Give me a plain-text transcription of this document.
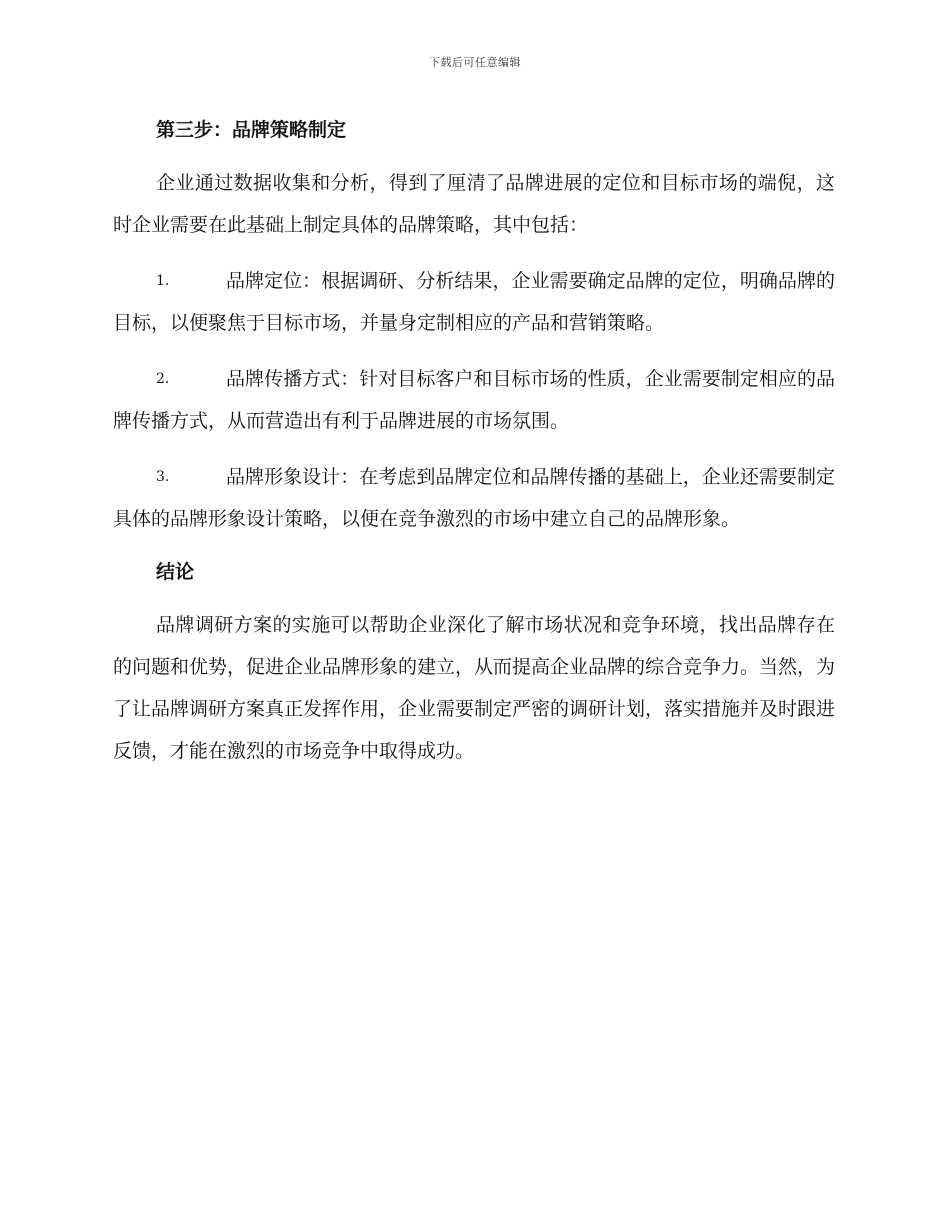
下载后可任意编辑
第三步：品牌策略制定

企业通过数据收集和分析，得到了厘清了品牌进展的定位和目标市场的端倪，这时企业需要在此基础上制定具体的品牌策略，其中包括：

1.	品牌定位：根据调研、分析结果，企业需要确定品牌的定位，明确品牌的目标，以便聚焦于目标市场，并量身定制相应的产品和营销策略。
2.	品牌传播方式：针对目标客户和目标市场的性质，企业需要制定相应的品牌传播方式，从而营造出有利于品牌进展的市场氛围。
3.	品牌形象设计：在考虑到品牌定位和品牌传播的基础上，企业还需要制定具体的品牌形象设计策略，以便在竞争激烈的市场中建立自己的品牌形象。
结论

品牌调研方案的实施可以帮助企业深化了解市场状况和竞争环境，找出品牌存在的问题和优势，促进企业品牌形象的建立，从而提高企业品牌的综合竞争力。当然，为了让品牌调研方案真正发挥作用，企业需要制定严密的调研计划，落实措施并及时跟进反馈，才能在激烈的市场竞争中取得成功。
